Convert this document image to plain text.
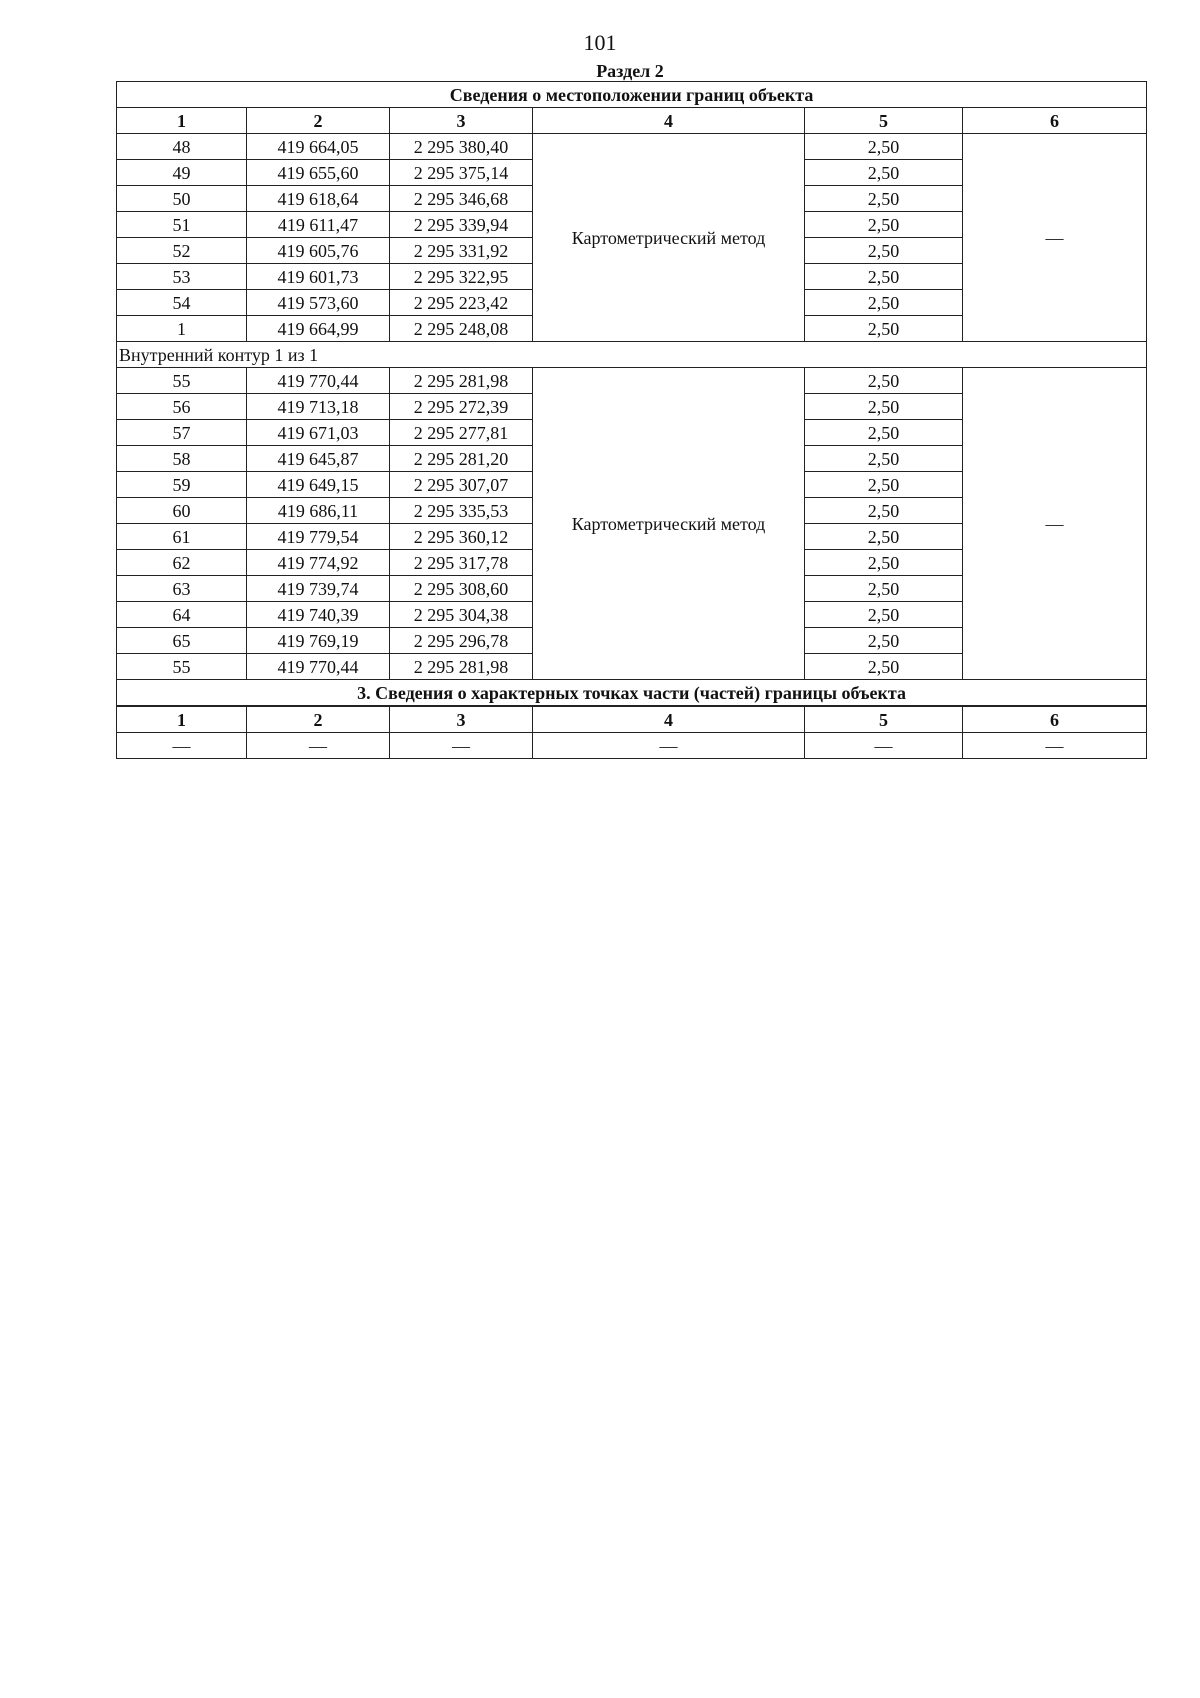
101
Раздел 2
Сведения о местоположении границ объекта					
1	2	3	4	5	6
48	419 664,05	2 295 380,40	Картометрический метод	2,50	—
49	419 655,60	2 295 375,14		2,50	
50	419 618,64	2 295 346,68		2,50	
51	419 611,47	2 295 339,94		2,50	
52	419 605,76	2 295 331,92		2,50	
53	419 601,73	2 295 322,95		2,50	
54	419 573,60	2 295 223,42		2,50	
1	419 664,99	2 295 248,08		2,50	
Внутренний контур 1 из 1					
55	419 770,44	2 295 281,98	Картометрический метод	2,50	—
56	419 713,18	2 295 272,39		2,50	
57	419 671,03	2 295 277,81		2,50	
58	419 645,87	2 295 281,20		2,50	
59	419 649,15	2 295 307,07		2,50	
60	419 686,11	2 295 335,53		2,50	
61	419 779,54	2 295 360,12		2,50	
62	419 774,92	2 295 317,78		2,50	
63	419 739,74	2 295 308,60		2,50	
64	419 740,39	2 295 304,38		2,50	
65	419 769,19	2 295 296,78		2,50	
55	419 770,44	2 295 281,98		2,50	
3. Сведения о характерных точках части (частей) границы объекта					
1	2	3	4	5	6
—	—	—	—	—	—
